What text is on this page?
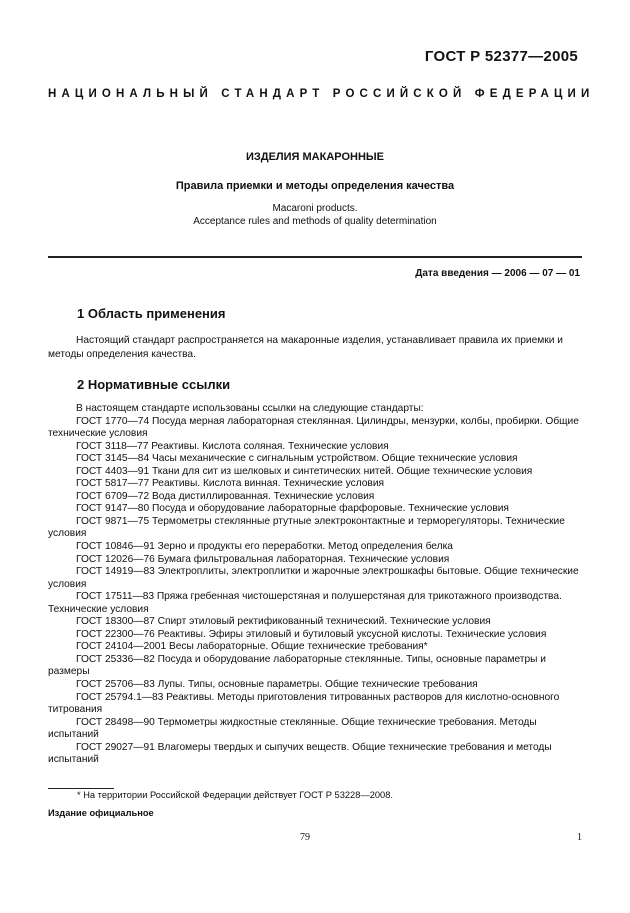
ГОСТ Р 52377—2005
НАЦИОНАЛЬНЫЙ СТАНДАРТ РОССИЙСКОЙ ФЕДЕРАЦИИ
ИЗДЕЛИЯ МАКАРОННЫЕ
Правила приемки и методы определения качества
Macaroni products.
Acceptance rules and methods of quality determination
Дата введения — 2006 — 07 — 01
1 Область применения
Настоящий стандарт распространяется на макаронные изделия, устанавливает правила их приемки и методы определения качества.
2 Нормативные ссылки
В настоящем стандарте использованы ссылки на следующие стандарты:
ГОСТ 1770—74 Посуда мерная лабораторная стеклянная. Цилиндры, мензурки, колбы, пробирки. Общие технические условия
ГОСТ 3118—77 Реактивы. Кислота соляная. Технические условия
ГОСТ 3145—84 Часы механические с сигнальным устройством. Общие технические условия
ГОСТ 4403—91 Ткани для сит из шелковых и синтетических нитей. Общие технические условия
ГОСТ 5817—77 Реактивы. Кислота винная. Технические условия
ГОСТ 6709—72 Вода дистиллированная. Технические условия
ГОСТ 9147—80 Посуда и оборудование лабораторные фарфоровые. Технические условия
ГОСТ 9871—75 Термометры стеклянные ртутные электроконтактные и терморегуляторы. Технические условия
ГОСТ 10846—91 Зерно и продукты его переработки. Метод определения белка
ГОСТ 12026—76 Бумага фильтровальная лабораторная. Технические условия
ГОСТ 14919—83 Электроплиты, электроплитки и жарочные электрошкафы бытовые. Общие технические условия
ГОСТ 17511—83 Пряжа гребенная чистошерстяная и полушерстяная для трикотажного производства. Технические условия
ГОСТ 18300—87 Спирт этиловый ректификованный технический. Технические условия
ГОСТ 22300—76 Реактивы. Эфиры этиловый и бутиловый уксусной кислоты. Технические условия
ГОСТ 24104—2001 Весы лабораторные. Общие технические требования*
ГОСТ 25336—82 Посуда и оборудование лабораторные стеклянные. Типы, основные параметры и размеры
ГОСТ 25706—83 Лупы. Типы, основные параметры. Общие технические требования
ГОСТ 25794.1—83 Реактивы. Методы приготовления титрованных растворов для кислотно-основного титрования
ГОСТ 28498—90 Термометры жидкостные стеклянные. Общие технические требования. Методы испытаний
ГОСТ 29027—91 Влагомеры твердых и сыпучих веществ. Общие технические требования и методы испытаний
* На территории Российской Федерации действует ГОСТ Р 53228—2008.
Издание официальное
79	1
